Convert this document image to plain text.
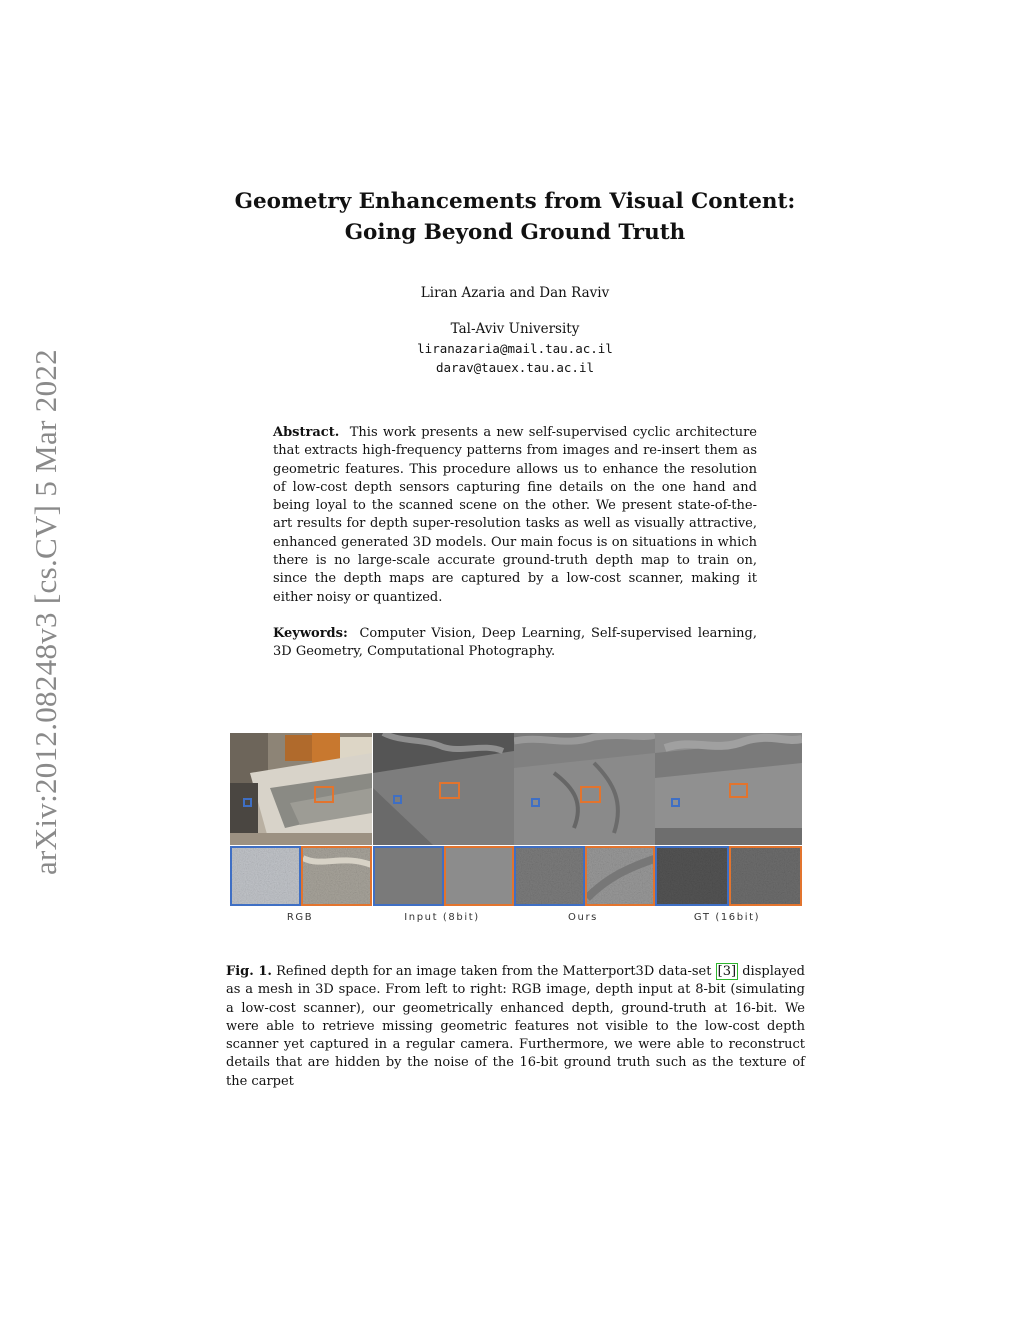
arXiv:2012.08248v3 [cs.CV] 5 Mar 2022
Geometry Enhancements from Visual Content:
Going Beyond Ground Truth
Liran Azaria and Dan Raviv
Tal-Aviv University
liranazaria@mail.tau.ac.il
darav@tauex.tau.ac.il
Abstract. This work presents a new self-supervised cyclic architecture that extracts high-frequency patterns from images and re-insert them as geometric features. This procedure allows us to enhance the resolution of low-cost depth sensors capturing fine details on the one hand and being loyal to the scanned scene on the other. We present state-of-the-art results for depth super-resolution tasks as well as visually attractive, enhanced generated 3D models. Our main focus is on situations in which there is no large-scale accurate ground-truth depth map to train on, since the depth maps are captured by a low-cost scanner, making it either noisy or quantized.
Keywords: Computer Vision, Deep Learning, Self-supervised learning, 3D Geometry, Computational Photography.
RGB	Input (8bit)	Ours	GT (16bit)
Fig. 1. Refined depth for an image taken from the Matterport3D data-set [3] displayed as a mesh in 3D space. From left to right: RGB image, depth input at 8-bit (simulating a low-cost scanner), our geometrically enhanced depth, ground-truth at 16-bit. We were able to retrieve missing geometric features not visible to the low-cost depth scanner yet captured in a regular camera. Furthermore, we were able to reconstruct details that are hidden by the noise of the 16-bit ground truth such as the texture of the carpet
